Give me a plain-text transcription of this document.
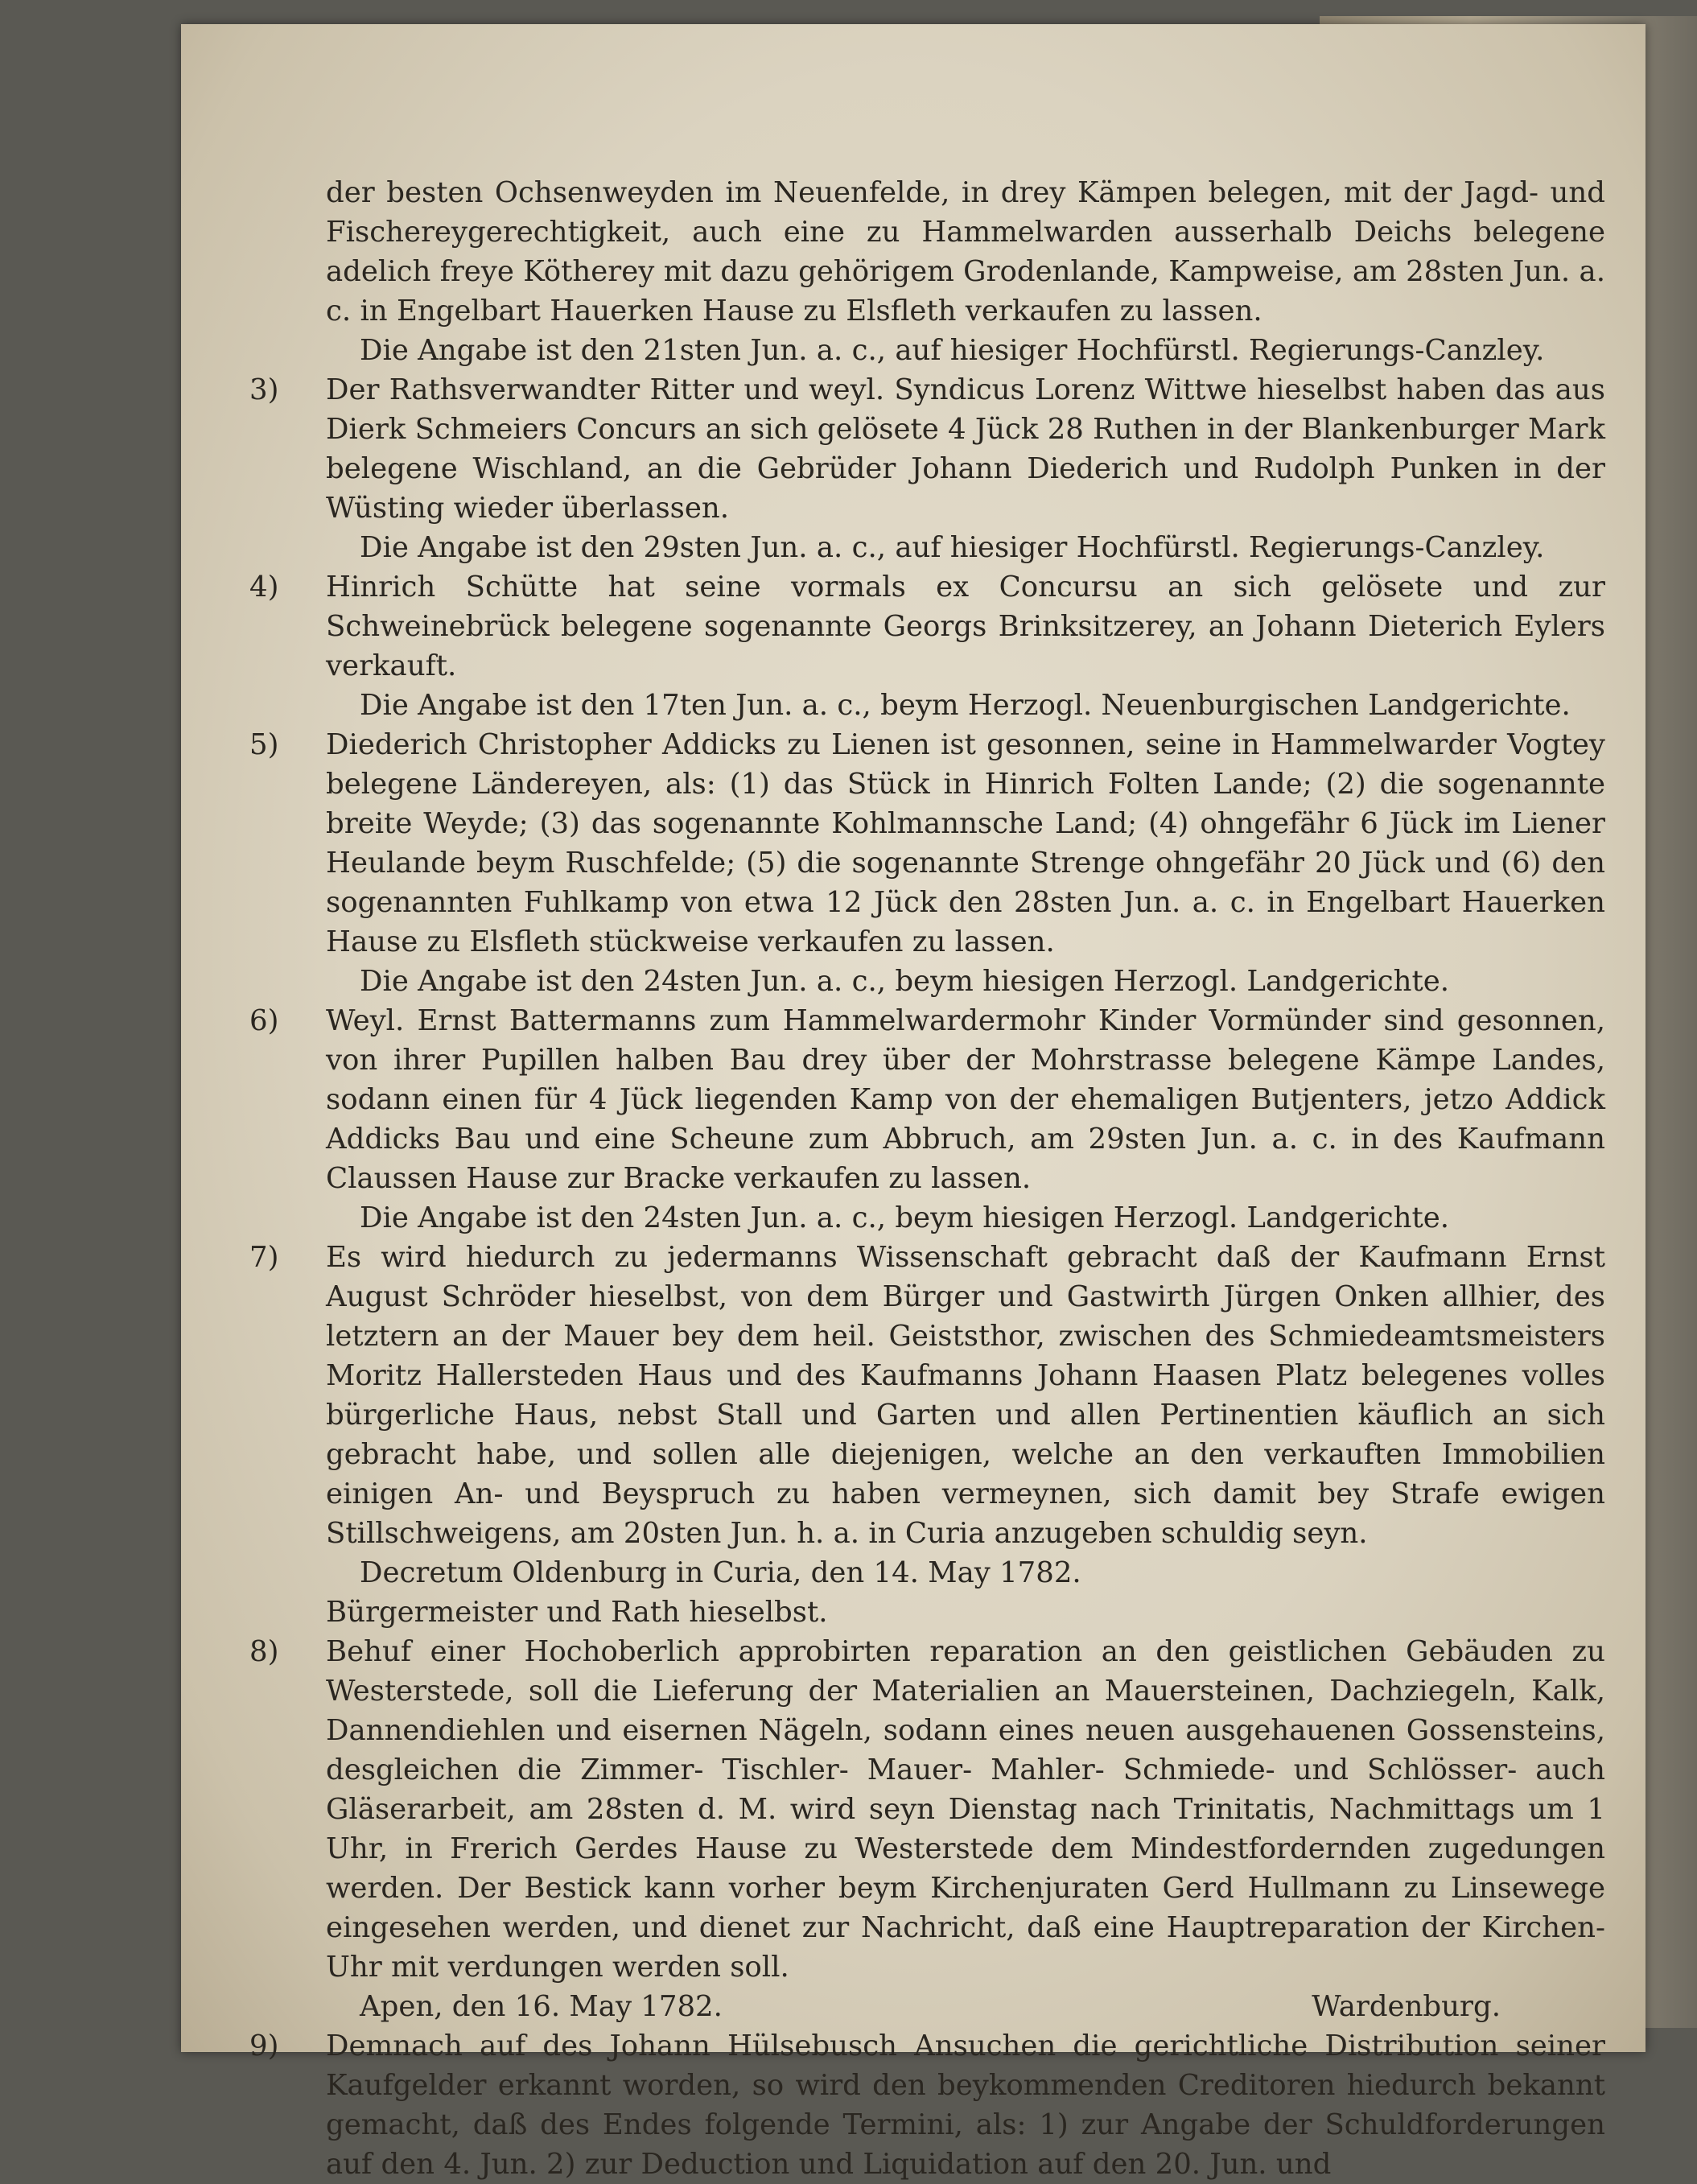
der besten Ochsenweyden im Neuenfelde, in drey Kämpen belegen, mit der Jagd- und Fischereygerechtigkeit, auch eine zu Hammelwarden ausserhalb Deichs belegene adelich freye Kötherey mit dazu gehörigem Grodenlande, Kampweise, am 28sten Jun. a. c. in Engelbart Hauerken Hause zu Elsfleth verkaufen zu lassen.

Die Angabe ist den 21sten Jun. a. c., auf hiesiger Hochfürstl. Regierungs-Canzley.

3)	Der Rathsverwandter Ritter und weyl. Syndicus Lorenz Wittwe hieselbst haben das aus Dierk Schmeiers Concurs an sich gelösete 4 Jück 28 Ruthen in der Blankenburger Mark belegene Wischland, an die Gebrüder Johann Diederich und Rudolph Punken in der Wüsting wieder überlassen.

Die Angabe ist den 29sten Jun. a. c., auf hiesiger Hochfürstl. Regierungs-Canzley.

4)	Hinrich Schütte hat seine vormals ex Concursu an sich gelösete und zur Schweinebrück belegene sogenannte Georgs Brinksitzerey, an Johann Dieterich Eylers verkauft.

Die Angabe ist den 17ten Jun. a. c., beym Herzogl. Neuenburgischen Landgerichte.

5)	Diederich Christopher Addicks zu Lienen ist gesonnen, seine in Hammelwarder Vogtey belegene Ländereyen, als: (1) das Stück in Hinrich Folten Lande; (2) die sogenannte breite Weyde; (3) das sogenannte Kohlmannsche Land; (4) ohngefähr 6 Jück im Liener Heulande beym Ruschfelde; (5) die sogenannte Strenge ohngefähr 20 Jück und (6) den sogenannten Fuhlkamp von etwa 12 Jück den 28sten Jun. a. c. in Engelbart Hauerken Hause zu Elsfleth stückweise verkaufen zu lassen.

Die Angabe ist den 24sten Jun. a. c., beym hiesigen Herzogl. Landgerichte.

6)	Weyl. Ernst Battermanns zum Hammelwardermohr Kinder Vormünder sind gesonnen, von ihrer Pupillen halben Bau drey über der Mohrstrasse belegene Kämpe Landes, sodann einen für 4 Jück liegenden Kamp von der ehemaligen Butjenters, jetzo Addick Addicks Bau und eine Scheune zum Abbruch, am 29sten Jun. a. c. in des Kaufmann Claussen Hause zur Bracke verkaufen zu lassen.

Die Angabe ist den 24sten Jun. a. c., beym hiesigen Herzogl. Landgerichte.

7)	Es wird hiedurch zu jedermanns Wissenschaft gebracht daß der Kaufmann Ernst August Schröder hieselbst, von dem Bürger und Gastwirth Jürgen Onken allhier, des letztern an der Mauer bey dem heil. Geiststhor, zwischen des Schmiedeamtsmeisters Moritz Hallersteden Haus und des Kaufmanns Johann Haasen Platz belegenes volles bürgerliche Haus, nebst Stall und Garten und allen Pertinentien käuflich an sich gebracht habe, und sollen alle diejenigen, welche an den verkauften Immobilien einigen An- und Beyspruch zu haben vermeynen, sich damit bey Strafe ewigen Stillschweigens, am 20sten Jun. h. a. in Curia anzugeben schuldig seyn.

Decretum Oldenburg in Curia, den 14. May 1782.

Bürgermeister und Rath hieselbst.

8)	Behuf einer Hochoberlich approbirten reparation an den geistlichen Gebäuden zu Westerstede, soll die Lieferung der Materialien an Mauersteinen, Dachziegeln, Kalk, Dannendiehlen und eisernen Nägeln, sodann eines neuen ausgehauenen Gossensteins, desgleichen die Zimmer- Tischler- Mauer- Mahler- Schmiede- und Schlösser- auch Gläserarbeit, am 28sten d. M. wird seyn Dienstag nach Trinitatis, Nachmittags um 1 Uhr, in Frerich Gerdes Hause zu Westerstede dem Mindestfordernden zugedungen werden. Der Bestick kann vorher beym Kirchenjuraten Gerd Hullmann zu Linsewege eingesehen werden, und dienet zur Nachricht, daß eine Hauptreparation der Kirchen-Uhr mit verdungen werden soll.

Apen, den 16. May 1782.	Wardenburg.
9)	Demnach auf des Johann Hülsebusch Ansuchen die gerichtliche Distribution seiner Kaufgelder erkannt worden, so wird den beykommenden Creditoren hiedurch bekannt gemacht, daß des Endes folgende Termini, als: 1) zur Angabe der Schuldforderungen auf den 4. Jun. 2) zur Deduction und Liquidation auf den 20. Jun. und
